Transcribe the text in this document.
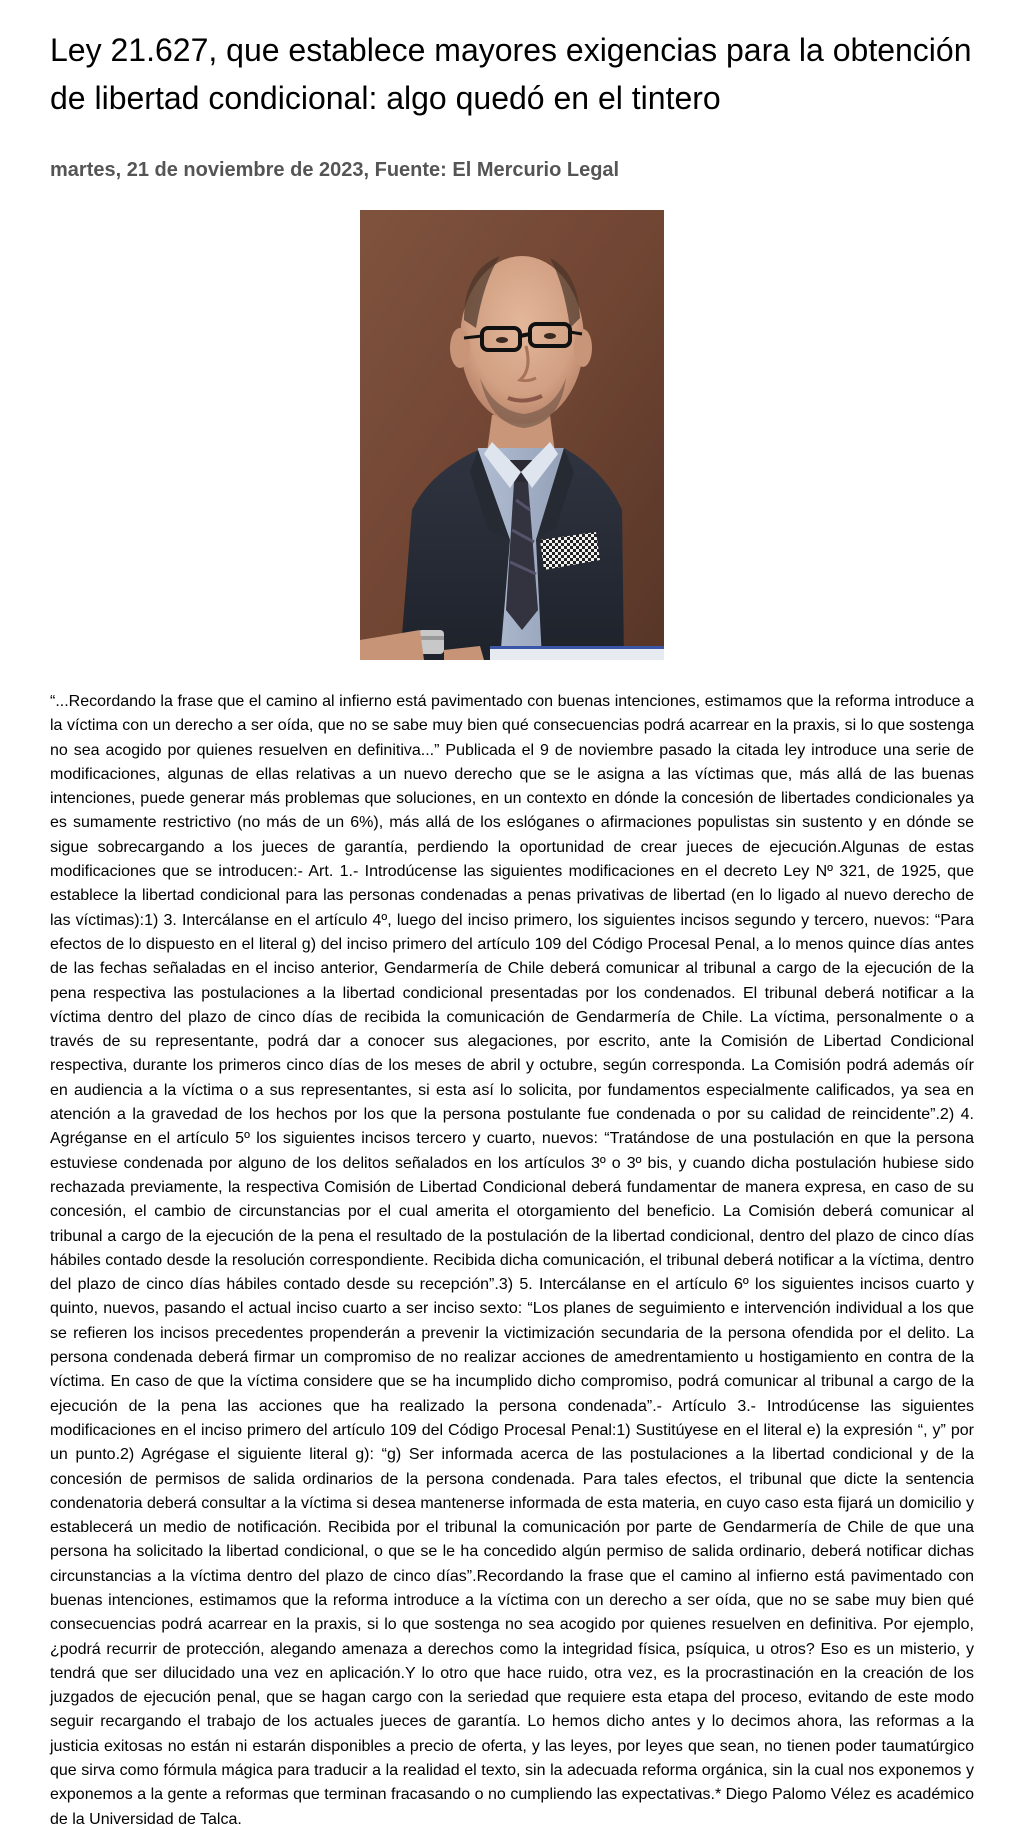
Ley 21.627, que establece mayores exigencias para la obtención de libertad condicional: algo quedó en el tintero
martes, 21 de noviembre de 2023, Fuente: El Mercurio Legal

“...Recordando la frase que el camino al infierno está pavimentado con buenas intenciones, estimamos que la reforma introduce a la víctima con un derecho a ser oída, que no se sabe muy bien qué consecuencias podrá acarrear en la praxis, si lo que sostenga no sea acogido por quienes resuelven en definitiva...” Publicada el 9 de noviembre pasado la citada ley introduce una serie de modificaciones, algunas de ellas relativas a un nuevo derecho que se le asigna a las víctimas que, más allá de las buenas intenciones, puede generar más problemas que soluciones, en un contexto en dónde la concesión de libertades condicionales ya es sumamente restrictivo (no más de un 6%), más allá de los eslóganes o afirmaciones populistas sin sustento y en dónde se sigue sobrecargando a los jueces de garantía, perdiendo la oportunidad de crear jueces de ejecución.Algunas de estas modificaciones que se introducen:- Art. 1.- Introdúcense las siguientes modificaciones en el decreto Ley Nº 321, de 1925, que establece la libertad condicional para las personas condenadas a penas privativas de libertad (en lo ligado al nuevo derecho de las víctimas):1) 3. Intercálanse en el artículo 4º, luego del inciso primero, los siguientes incisos segundo y tercero, nuevos: “Para efectos de lo dispuesto en el literal g) del inciso primero del artículo 109 del Código Procesal Penal, a lo menos quince días antes de las fechas señaladas en el inciso anterior, Gendarmería de Chile deberá comunicar al tribunal a cargo de la ejecución de la pena respectiva las postulaciones a la libertad condicional presentadas por los condenados. El tribunal deberá notificar a la víctima dentro del plazo de cinco días de recibida la comunicación de Gendarmería de Chile. La víctima, personalmente o a través de su representante, podrá dar a conocer sus alegaciones, por escrito, ante la Comisión de Libertad Condicional respectiva, durante los primeros cinco días de los meses de abril y octubre, según corresponda. La Comisión podrá además oír en audiencia a la víctima o a sus representantes, si esta así lo solicita, por fundamentos especialmente calificados, ya sea en atención a la gravedad de los hechos por los que la persona postulante fue condenada o por su calidad de reincidente”.2) 4. Agréganse en el artículo 5º los siguientes incisos tercero y cuarto, nuevos: “Tratándose de una postulación en que la persona estuviese condenada por alguno de los delitos señalados en los artículos 3º o 3º bis, y cuando dicha postulación hubiese sido rechazada previamente, la respectiva Comisión de Libertad Condicional deberá fundamentar de manera expresa, en caso de su concesión, el cambio de circunstancias por el cual amerita el otorgamiento del beneficio. La Comisión deberá comunicar al tribunal a cargo de la ejecución de la pena el resultado de la postulación de la libertad condicional, dentro del plazo de cinco días hábiles contado desde la resolución correspondiente. Recibida dicha comunicación, el tribunal deberá notificar a la víctima, dentro del plazo de cinco días hábiles contado desde su recepción”.3) 5. Intercálanse en el artículo 6º los siguientes incisos cuarto y quinto, nuevos, pasando el actual inciso cuarto a ser inciso sexto: “Los planes de seguimiento e intervención individual a los que se refieren los incisos precedentes propenderán a prevenir la victimización secundaria de la persona ofendida por el delito. La persona condenada deberá firmar un compromiso de no realizar acciones de amedrentamiento u hostigamiento en contra de la víctima. En caso de que la víctima considere que se ha incumplido dicho compromiso, podrá comunicar al tribunal a cargo de la ejecución de la pena las acciones que ha realizado la persona condenada”.- Artículo 3.- Introdúcense las siguientes modificaciones en el inciso primero del artículo 109 del Código Procesal Penal:1) Sustitúyese en el literal e) la expresión “, y” por un punto.2) Agrégase el siguiente literal g): “g) Ser informada acerca de las postulaciones a la libertad condicional y de la concesión de permisos de salida ordinarios de la persona condenada. Para tales efectos, el tribunal que dicte la sentencia condenatoria deberá consultar a la víctima si desea mantenerse informada de esta materia, en cuyo caso esta fijará un domicilio y establecerá un medio de notificación. Recibida por el tribunal la comunicación por parte de Gendarmería de Chile de que una persona ha solicitado la libertad condicional, o que se le ha concedido algún permiso de salida ordinario, deberá notificar dichas circunstancias a la víctima dentro del plazo de cinco días”.Recordando la frase que el camino al infierno está pavimentado con buenas intenciones, estimamos que la reforma introduce a la víctima con un derecho a ser oída, que no se sabe muy bien qué consecuencias podrá acarrear en la praxis, si lo que sostenga no sea acogido por quienes resuelven en definitiva. Por ejemplo, ¿podrá recurrir de protección, alegando amenaza a derechos como la integridad física, psíquica, u otros? Eso es un misterio, y tendrá que ser dilucidado una vez en aplicación.Y lo otro que hace ruido, otra vez, es la procrastinación en la creación de los juzgados de ejecución penal, que se hagan cargo con la seriedad que requiere esta etapa del proceso, evitando de este modo seguir recargando el trabajo de los actuales jueces de garantía. Lo hemos dicho antes y lo decimos ahora, las reformas a la justicia exitosas no están ni estarán disponibles a precio de oferta, y las leyes, por leyes que sean, no tienen poder taumatúrgico que sirva como fórmula mágica para traducir a la realidad el texto, sin la adecuada reforma orgánica, sin la cual nos exponemos y exponemos a la gente a reformas que terminan fracasando o no cumpliendo las expectativas.* Diego Palomo Vélez es académico de la Universidad de Talca.
